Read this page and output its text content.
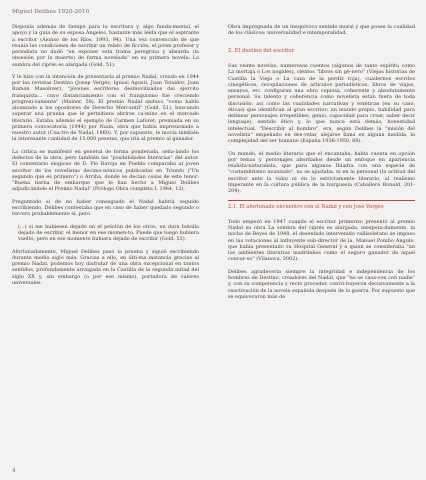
Miguel Delibes 1920-2010

Disponía además de tiempo para lo escritura y, algo funda-mental, el apoyo y la guía de su esposa Ángeles, bastante más leída que el aspirante a escritor (Alonso de los Ríos, 1993, 94). Una vez convencido de que reunía las condiciones de escribir un relato de ficción, el joven profesor y periodista no dudó "en exponer esta trama peregrina y absurda (la obsesión por la muerte) de forma novelada" en su primera novela: La sombra del ciprés es alargada (Gold, 51).

Y le hizo con la intención de presentarla al premio Nadal, creado en 1944 por las revistas Destino (Josep Vergés, Ignasi Agustí, Juan Teixidor, Juan Ramón Masoliver), "jóvenes escritores desmovilizados del ejército franquista… cuyo distanciamiento con el franquismo fue creciendo progresi-vamente" (Mainer, 58). El premio Nadal anduvo "como habla alcanzado a los opositores de Derecho Mercantil" (Gold, 51), buscando superar una prueba que le permitiera abrirse ca-mino en el mercado literario. Estaba además el ejemplo de Carmen Laforet, premiada en su primera convocatoria (1944) por Nada, obra que había impresionado a nuestro autor (Cua-tro de Nadal, 1960). Y, por supuesto, le movía también la interesante cantidad de 15.000 pesetas, que iría al premio al ganador.

La crítica se manifestó en general de forma ponderada, seña-lando los defectos de la obra, pero también las "posibilidades literarias" del autor. El comentario elogioso de D. Pío Baroja en Pueblo comparaba al joven escritor de los novelistas decimo-nónicos publicadas en Triunfo ("Un segundo que es primero") o Arriba, donde se decían cosas de este tenor: "Buena tierna de embarque que le han hecho a Miguel Delibes adjudicándole el Premio Nadal" (Prólogo Obra completa I, 1964, 12).

Preguntado si de no haber conseguido el Nadal habría seguido escribiendo, Delibes contestaba que en caso de haber quedado segundo o tercero probablemente sí, pero

(...) si me hubiesen dejado en el pelotón de los otros, en dura batalla dejado de escribir, el menor en ese momen-to. Puede que luego hubiera vuelto, pero en ese momento hubiera dejado de escribir (Gold, 53).

Afortunadamente, Miguel Delibes pasó la prueba y siguió escribiendo durante medio siglo más. Gracias a ello, en últi-ma instancia gracias al premio Nadal, podemos hoy disfrutar de una obra excepcional en tantos sentidos, profundamente arraigada en la Castilla de la segunda mitad del siglo XX y, sin embargo (o por ese mismo), portadora de valores universales.

Obra impregnada de un inequívoco sentido moral y que posee la cualidad de los clásicos: universalidad e intemporalidad.

2. El destino del escritor

Sus veinte novelas, numerosos cuentos (algunos de tanto espíritu como La mortaja o Los nogales), cientos "libros sin gé-nero" (Viejas historias de Castilla la Vieja o La caza de la perdiz roja), cuadernos escritos cinegéticos, recopilaciones de artículos periodísticos, libros de viajes, ensayos, etc. configuran una obra copiosa, coherente y absolutamente personal. Su talento y coherencia como novelista están fuera de toda discusión: así como las cualidades narrativas y estéticas (en su caso, éticas) que identifican al gran escritor: un mundo propio, habilidad para delinear personajes irrepetibles, genio, capacidad para crear, saber decir lenguaje), sentido ético y, lo que nunca está demás, honestidad intelectual. "Describir al hombre", era, según Delibes la "misión del novelista" empeñado en des-velar, alejarse llana en alguna medida, la complejidad del ser humano (España 1936-1950, 69).

Un mundo, el medio literario que el encantaba, habla cuenta en opción por temas y personajes abordados desde un enfoque en apariencia realista-naturalista, que para algunos Íbladra con una especie de "costumbrismo avanzado", no se ajustaba, ni en la personal (la actitud del escritor ante la vida) ni en lo estrictamente literario, al realismo imperante en la cultura pública de la burguesía (Caballero Bonald, 201-204).

2.1. El afortunado encuentro con el Nadal y con José Vergés

Todo empezó en 1947 cuando el escritor primerizo presentó al premio Nadal su obra La sombra del ciprés es alargada, inespera-damente, la noche de Reyes de 1948, el desenfado intervenido vallisoletano se impuso en las votaciones al influyente sub-director de la, Manuel Pombo Angulo, que había presentado su Hospital General y a quien se consideraba "un los ambientes literarios madrileños como el seguro ganador de aquel concur-so" (Vilanova, 2002).

Delibes agradecería siempre la integridad e independencia de los hombres de Destino, creadores del Nadal, que "no se casa-con con nadie" y, con su competencia y recto proceder, contri-buyeron decisivamente a la reactivación de la novela española después de la guerra. Por supuesto que se equivocaron más de

4
